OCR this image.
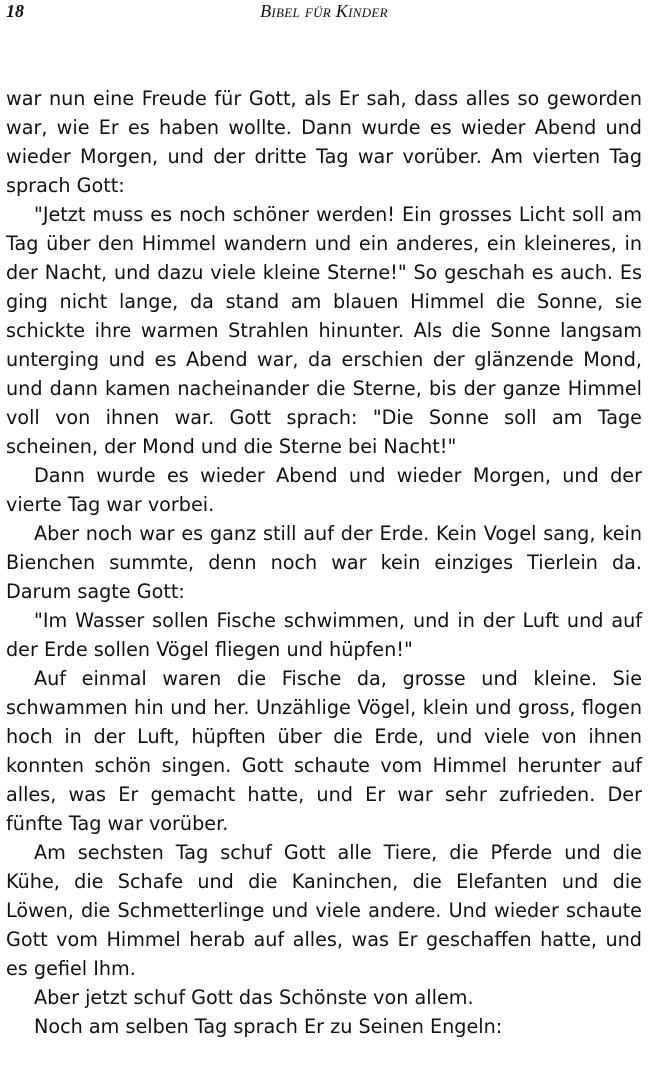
18	Bibel für Kinder

war nun eine Freude für Gott, als Er sah, dass alles so geworden war, wie Er es haben wollte. Dann wurde es wieder Abend und wieder Morgen, und der dritte Tag war vorüber. Am vierten Tag sprach Gott:

"Jetzt muss es noch schöner werden! Ein grosses Licht soll am Tag über den Himmel wandern und ein anderes, ein kleineres, in der Nacht, und dazu viele kleine Sterne!" So geschah es auch. Es ging nicht lange, da stand am blauen Himmel die Sonne, sie schickte ihre warmen Strahlen hinunter. Als die Sonne langsam unterging und es Abend war, da erschien der glänzende Mond, und dann kamen nacheinander die Sterne, bis der ganze Himmel voll von ihnen war. Gott sprach: "Die Sonne soll am Tage scheinen, der Mond und die Sterne bei Nacht!"

Dann wurde es wieder Abend und wieder Morgen, und der vierte Tag war vorbei.

Aber noch war es ganz still auf der Erde. Kein Vogel sang, kein Bienchen summte, denn noch war kein einziges Tierlein da. Darum sagte Gott:

"Im Wasser sollen Fische schwimmen, und in der Luft und auf der Erde sollen Vögel fliegen und hüpfen!"

Auf einmal waren die Fische da, grosse und kleine. Sie schwammen hin und her. Unzählige Vögel, klein und gross, flogen hoch in der Luft, hüpften über die Erde, und viele von ihnen konnten schön singen. Gott schaute vom Himmel herunter auf alles, was Er gemacht hatte, und Er war sehr zufrieden. Der fünfte Tag war vorüber.

Am sechsten Tag schuf Gott alle Tiere, die Pferde und die Kühe, die Schafe und die Kaninchen, die Elefanten und die Löwen, die Schmetterlinge und viele andere. Und wieder schaute Gott vom Himmel herab auf alles, was Er geschaffen hatte, und es gefiel Ihm.

Aber jetzt schuf Gott das Schönste von allem.

Noch am selben Tag sprach Er zu Seinen Engeln:
